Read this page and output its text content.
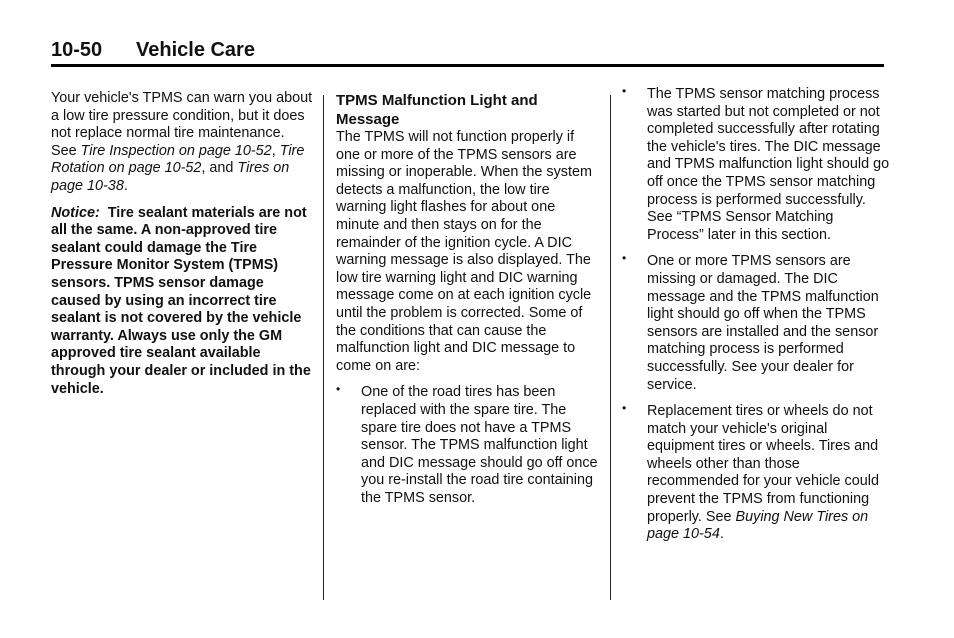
10-50 Vehicle Care

Your vehicle's TPMS can warn you about a low tire pressure condition, but it does not replace normal tire maintenance. See Tire Inspection on page 10-52, Tire Rotation on page 10-52, and Tires on page 10-38.

Notice: Tire sealant materials are not all the same. A non-approved tire sealant could damage the Tire Pressure Monitor System (TPMS) sensors. TPMS sensor damage caused by using an incorrect tire sealant is not covered by the vehicle warranty. Always use only the GM approved tire sealant available through your dealer or included in the vehicle.

TPMS Malfunction Light and Message

The TPMS will not function properly if one or more of the TPMS sensors are missing or inoperable. When the system detects a malfunction, the low tire warning light flashes for about one minute and then stays on for the remainder of the ignition cycle. A DIC warning message is also displayed. The low tire warning light and DIC warning message come on at each ignition cycle until the problem is corrected. Some of the conditions that can cause the malfunction light and DIC message to come on are:

• One of the road tires has been replaced with the spare tire. The spare tire does not have a TPMS sensor. The TPMS malfunction light and DIC message should go off once you re-install the road tire containing the TPMS sensor.
• The TPMS sensor matching process was started but not completed or not completed successfully after rotating the vehicle's tires. The DIC message and TPMS malfunction light should go off once the TPMS sensor matching process is performed successfully. See “TPMS Sensor Matching Process” later in this section.
• One or more TPMS sensors are missing or damaged. The DIC message and the TPMS malfunction light should go off when the TPMS sensors are installed and the sensor matching process is performed successfully. See your dealer for service.
• Replacement tires or wheels do not match your vehicle's original equipment tires or wheels. Tires and wheels other than those recommended for your vehicle could prevent the TPMS from functioning properly. See Buying New Tires on page 10-54.
